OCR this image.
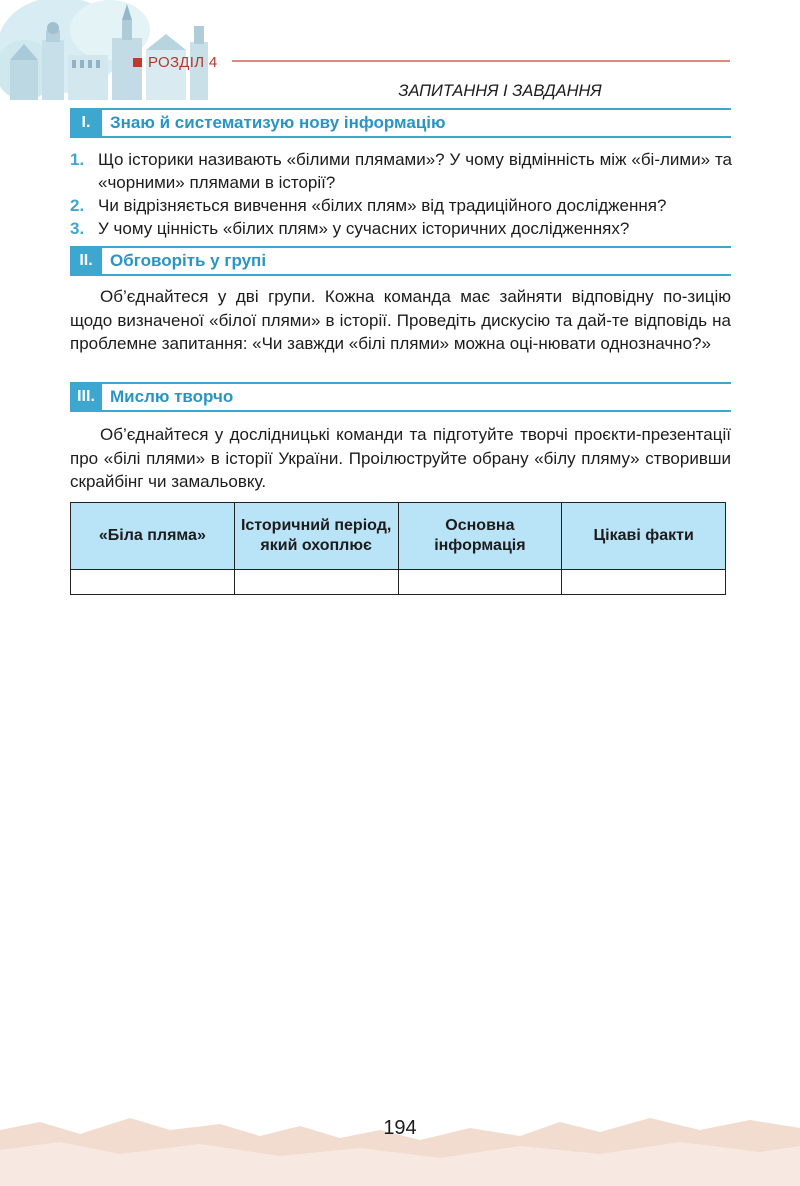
РОЗДІЛ 4
ЗАПИТАННЯ І ЗАВДАННЯ
I.	Знаю й систематизую нову інформацію
1. Що історики називають «білими плямами»? У чому відмінність між «бі-лими» та «чорними» плямами в історії?
2. Чи відрізняється вивчення «білих плям» від традиційного дослідження?
3. У чому цінність «білих плям» у сучасних історичних дослідженнях?
II.	Обговоріть у групі

Об’єднайтеся у дві групи. Кожна команда має зайняти відповідну по-зицію щодо визначеної «білої плями» в історії. Проведіть дискусію та дай-те відповідь на проблемне запитання: «Чи завжди «білі плями» можна оці-нювати однозначно?»

III. Мислю творчо

Об’єднайтеся у дослідницькі команди та підготуйте творчі проєкти-презентації про «білі плями» в історії України. Проілюструйте обрану «білу пляму» створивши скрайбінг чи замальовку.

«Біла пляма»	Історичний період, який охоплює	Основна інформація	Цікаві факти

194
